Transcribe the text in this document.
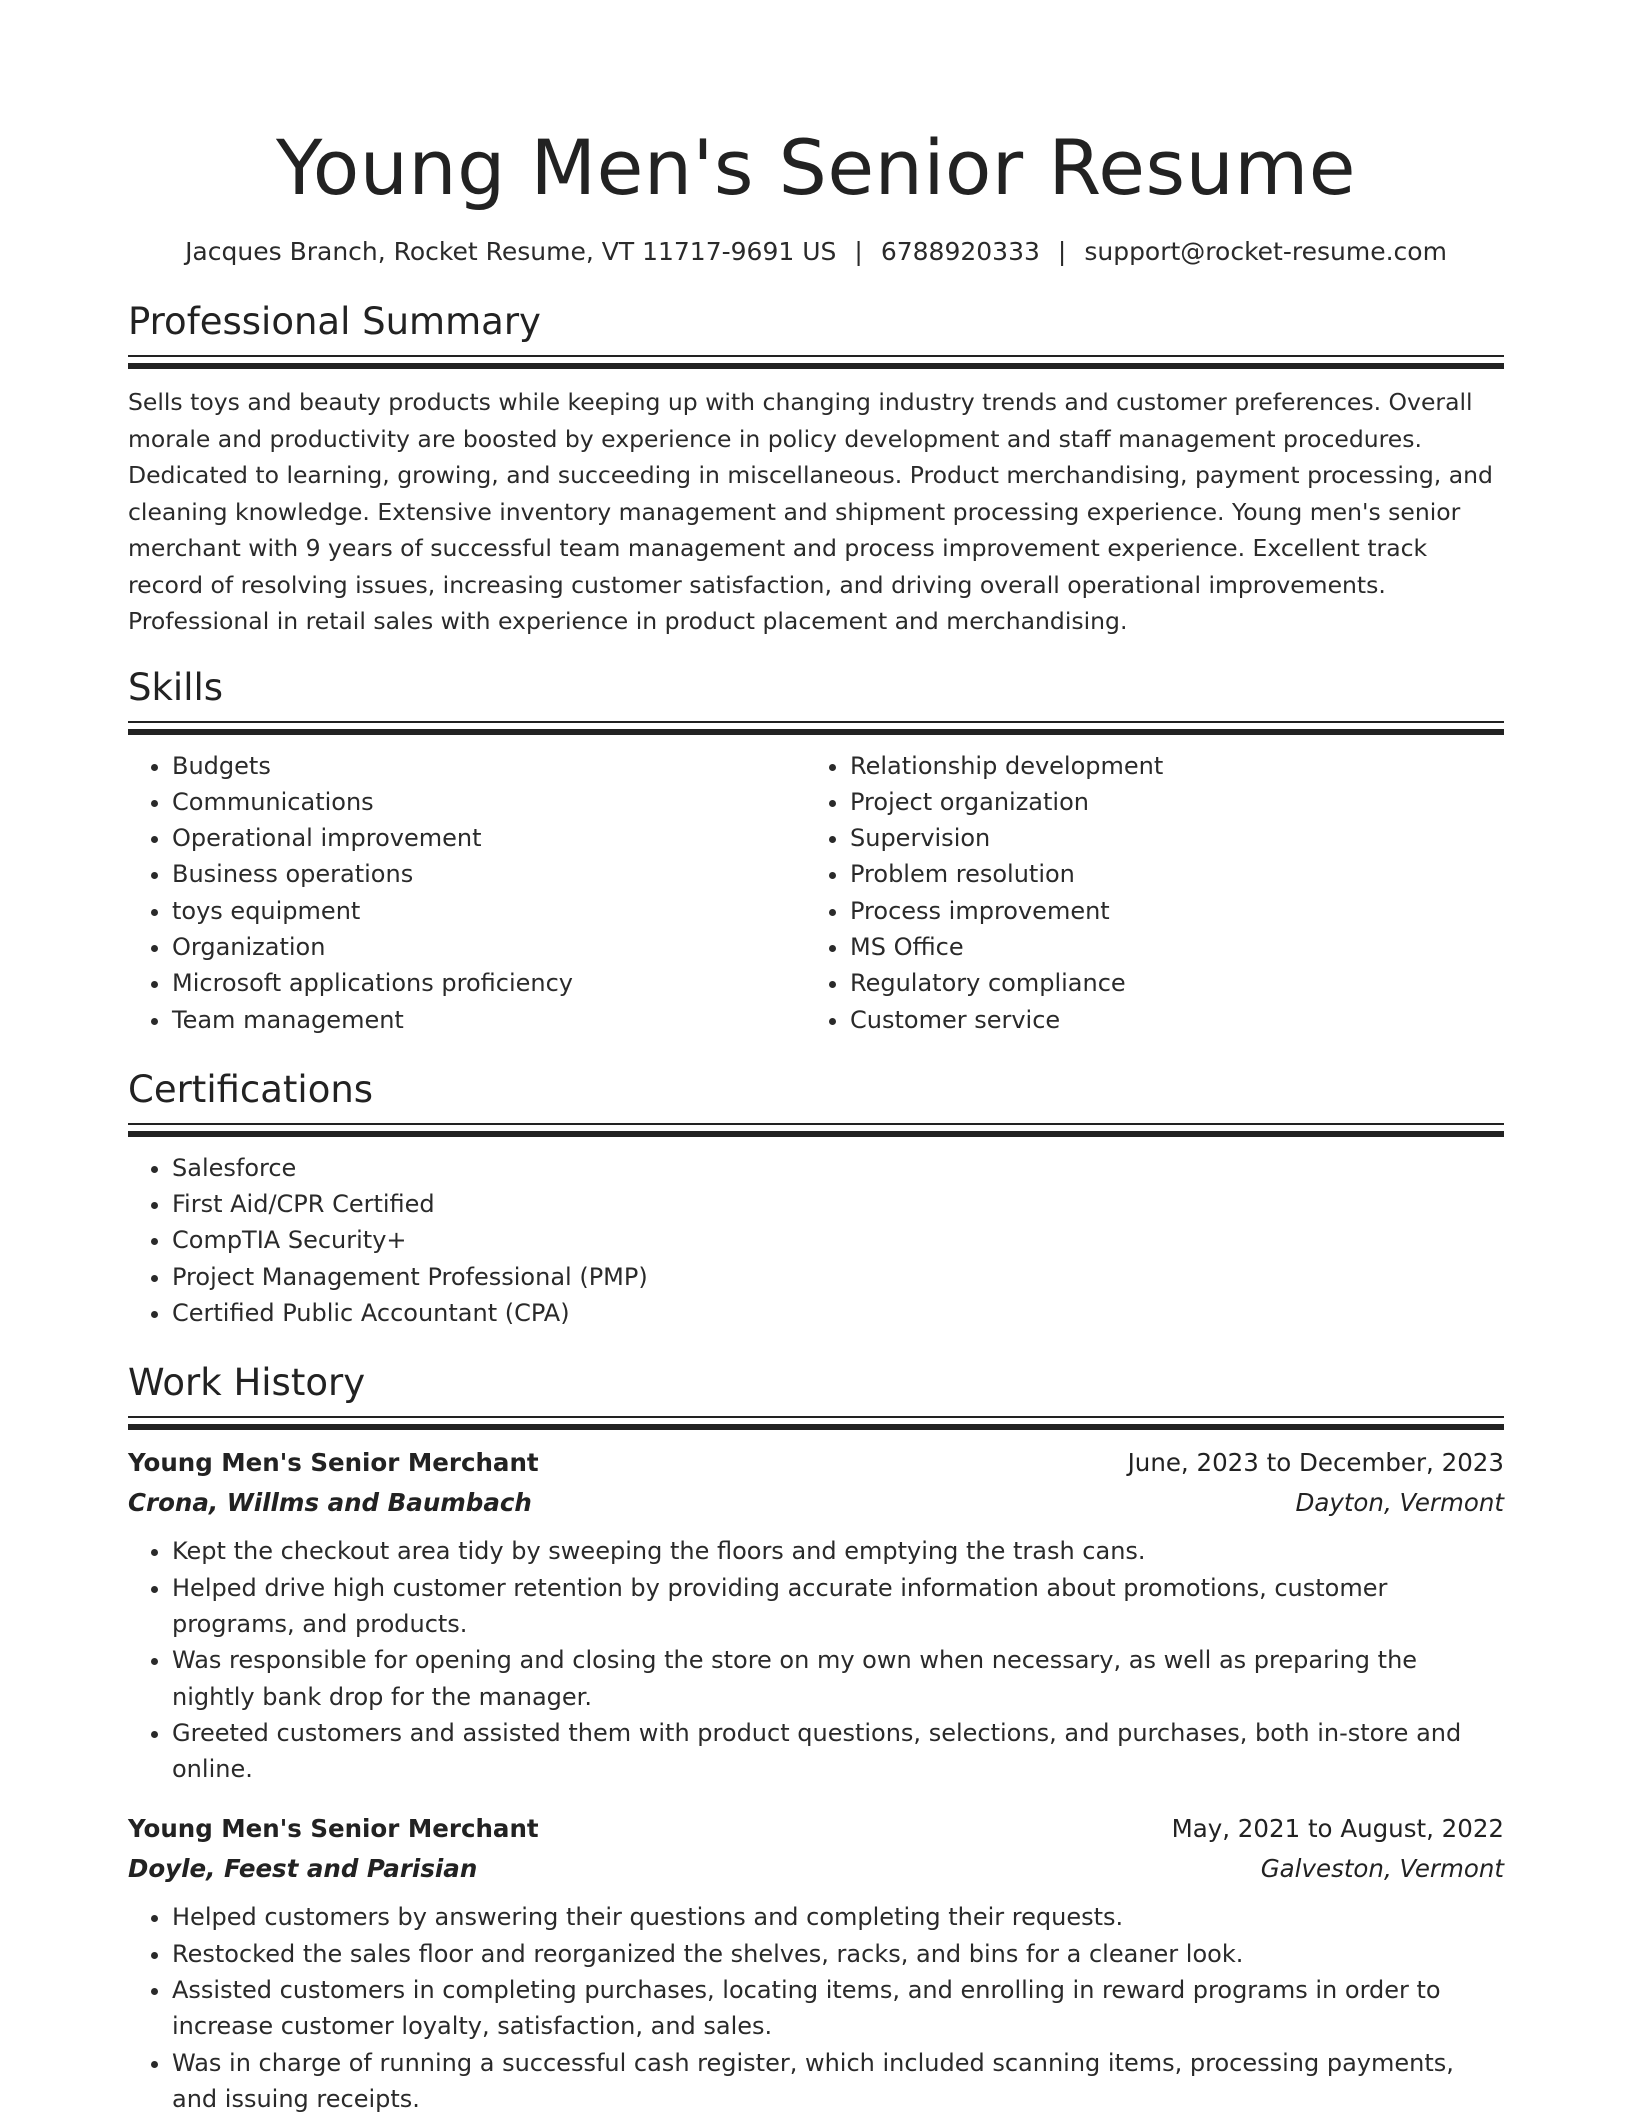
Young Men's Senior Resume
Jacques Branch, Rocket Resume, VT 11717-9691 US | 6788920333 | support@rocket-resume.com
Professional Summary
Sells toys and beauty products while keeping up with changing industry trends and customer preferences. Overall morale and productivity are boosted by experience in policy development and staff management procedures. Dedicated to learning, growing, and succeeding in miscellaneous. Product merchandising, payment processing, and cleaning knowledge. Extensive inventory management and shipment processing experience. Young men's senior merchant with 9 years of successful team management and process improvement experience. Excellent track record of resolving issues, increasing customer satisfaction, and driving overall operational improvements. Professional in retail sales with experience in product placement and merchandising.
Skills
• Budgets
• Communications
• Operational improvement
• Business operations
• toys equipment
• Organization
• Microsoft applications proficiency
• Team management
• Relationship development
• Project organization
• Supervision
• Problem resolution
• Process improvement
• MS Office
• Regulatory compliance
• Customer service
Certifications
• Salesforce
• First Aid/CPR Certified
• CompTIA Security+
• Project Management Professional (PMP)
• Certified Public Accountant (CPA)
Work History
Young Men's Senior Merchant	June, 2023 to December, 2023
Crona, Willms and Baumbach	Dayton, Vermont
• Kept the checkout area tidy by sweeping the floors and emptying the trash cans.
• Helped drive high customer retention by providing accurate information about promotions, customer programs, and products.
• Was responsible for opening and closing the store on my own when necessary, as well as preparing the nightly bank drop for the manager.
• Greeted customers and assisted them with product questions, selections, and purchases, both in-store and online.
Young Men's Senior Merchant	May, 2021 to August, 2022
Doyle, Feest and Parisian	Galveston, Vermont
• Helped customers by answering their questions and completing their requests.
• Restocked the sales floor and reorganized the shelves, racks, and bins for a cleaner look.
• Assisted customers in completing purchases, locating items, and enrolling in reward programs in order to increase customer loyalty, satisfaction, and sales.
• Was in charge of running a successful cash register, which included scanning items, processing payments, and issuing receipts.
